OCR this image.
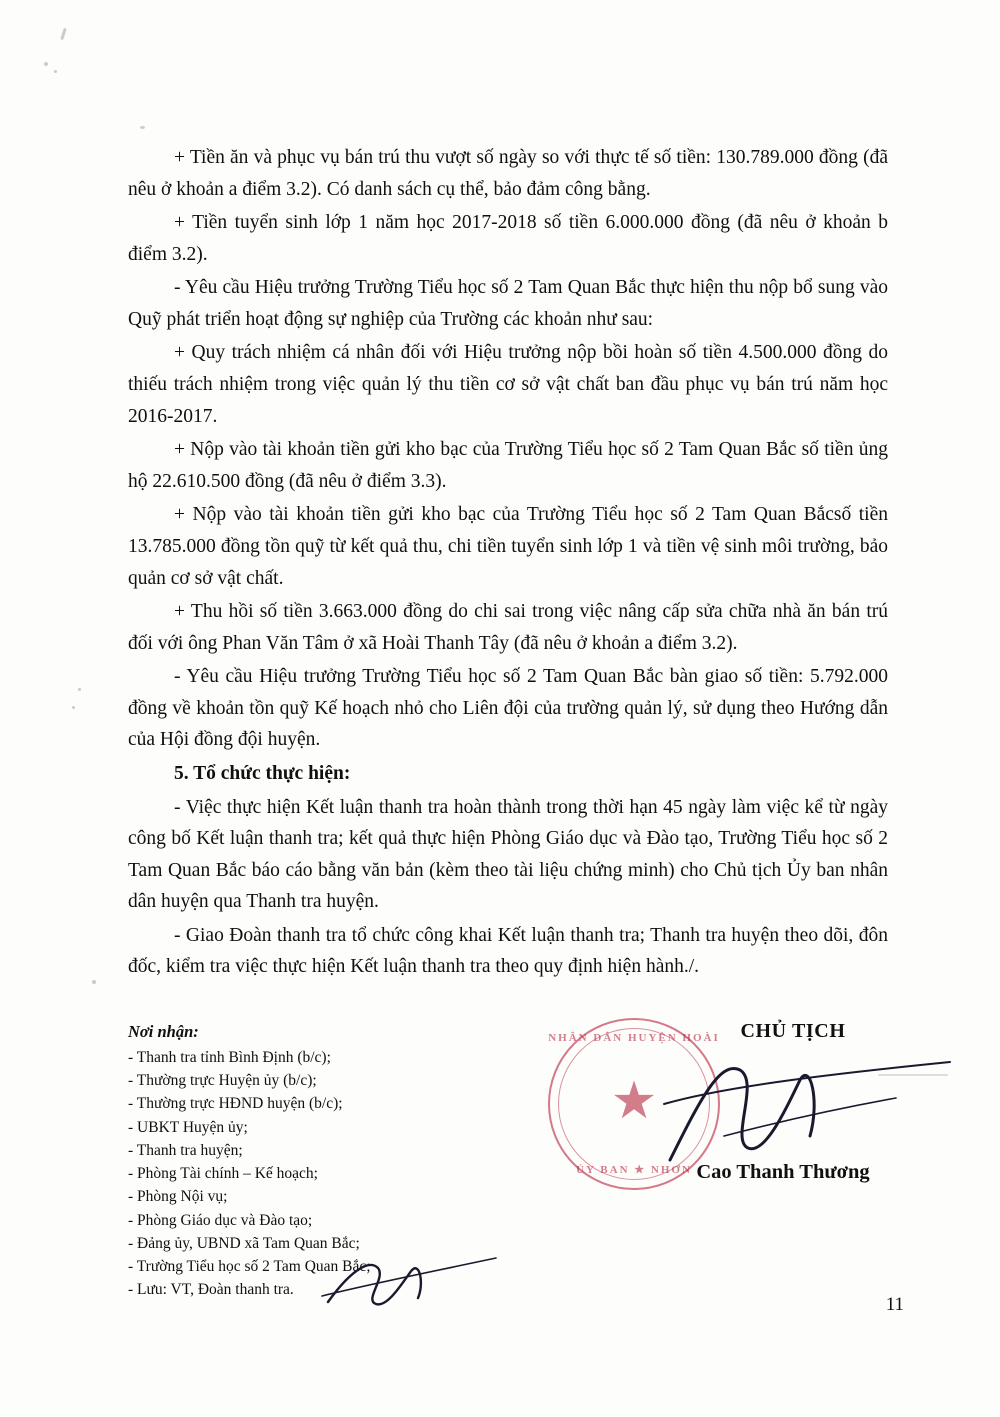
+ Tiền ăn và phục vụ bán trú thu vượt số ngày so với thực tế số tiền: 130.789.000 đồng (đã nêu ở khoản a điểm 3.2). Có danh sách cụ thể, bảo đảm công bằng.

+ Tiền tuyển sinh lớp 1 năm học 2017-2018 số tiền 6.000.000 đồng (đã nêu ở khoản b điểm 3.2).

- Yêu cầu Hiệu trưởng Trường Tiểu học số 2 Tam Quan Bắc thực hiện thu nộp bổ sung vào Quỹ phát triển hoạt động sự nghiệp của Trường các khoản như sau:

+ Quy trách nhiệm cá nhân đối với Hiệu trưởng nộp bồi hoàn số tiền 4.500.000 đồng do thiếu trách nhiệm trong việc quản lý thu tiền cơ sở vật chất ban đầu phục vụ bán trú năm học 2016-2017.

+ Nộp vào tài khoản tiền gửi kho bạc của Trường Tiểu học số 2 Tam Quan Bắc số tiền ủng hộ 22.610.500 đồng (đã nêu ở điểm 3.3).

+ Nộp vào tài khoản tiền gửi kho bạc của Trường Tiểu học số 2 Tam Quan Bắcsố tiền 13.785.000 đồng tồn quỹ từ kết quả thu, chi tiền tuyển sinh lớp 1 và tiền vệ sinh môi trường, bảo quản cơ sở vật chất.

+ Thu hồi số tiền 3.663.000 đồng do chi sai trong việc nâng cấp sửa chữa nhà ăn bán trú đối với ông Phan Văn Tâm ở xã Hoài Thanh Tây (đã nêu ở khoản a điểm 3.2).

- Yêu cầu Hiệu trưởng Trường Tiểu học số 2 Tam Quan Bắc bàn giao số tiền: 5.792.000 đồng về khoản tồn quỹ Kế hoạch nhỏ cho Liên đội của trường quản lý, sử dụng theo Hướng dẫn của Hội đồng đội huyện.

5. Tổ chức thực hiện:

- Việc thực hiện Kết luận thanh tra hoàn thành trong thời hạn 45 ngày làm việc kể từ ngày công bố Kết luận thanh tra; kết quả thực hiện Phòng Giáo dục và Đào tạo, Trường Tiểu học số 2 Tam Quan Bắc báo cáo bằng văn bản (kèm theo tài liệu chứng minh) cho Chủ tịch Ủy ban nhân dân huyện qua Thanh tra huyện.

- Giao Đoàn thanh tra tổ chức công khai Kết luận thanh tra; Thanh tra huyện theo dõi, đôn đốc, kiểm tra việc thực hiện Kết luận thanh tra theo quy định hiện hành./.

Nơi nhận:
- Thanh tra tỉnh Bình Định (b/c);
- Thường trực Huyện ủy (b/c);
- Thường trực HĐND huyện (b/c);
- UBKT Huyện ủy;
- Thanh tra huyện;
- Phòng Tài chính – Kế hoạch;
- Phòng Nội vụ;
- Phòng Giáo dục và Đào tạo;
- Đảng ủy, UBND xã Tam Quan Bắc;
- Trường Tiểu học số 2 Tam Quan Bắc;
- Lưu: VT, Đoàn thanh tra.
CHỦ TỊCH
Cao Thanh Thương
NHÂN DÂN HUYỆN HOÀI
★
ỦY BAN ★ NHƠN
11
